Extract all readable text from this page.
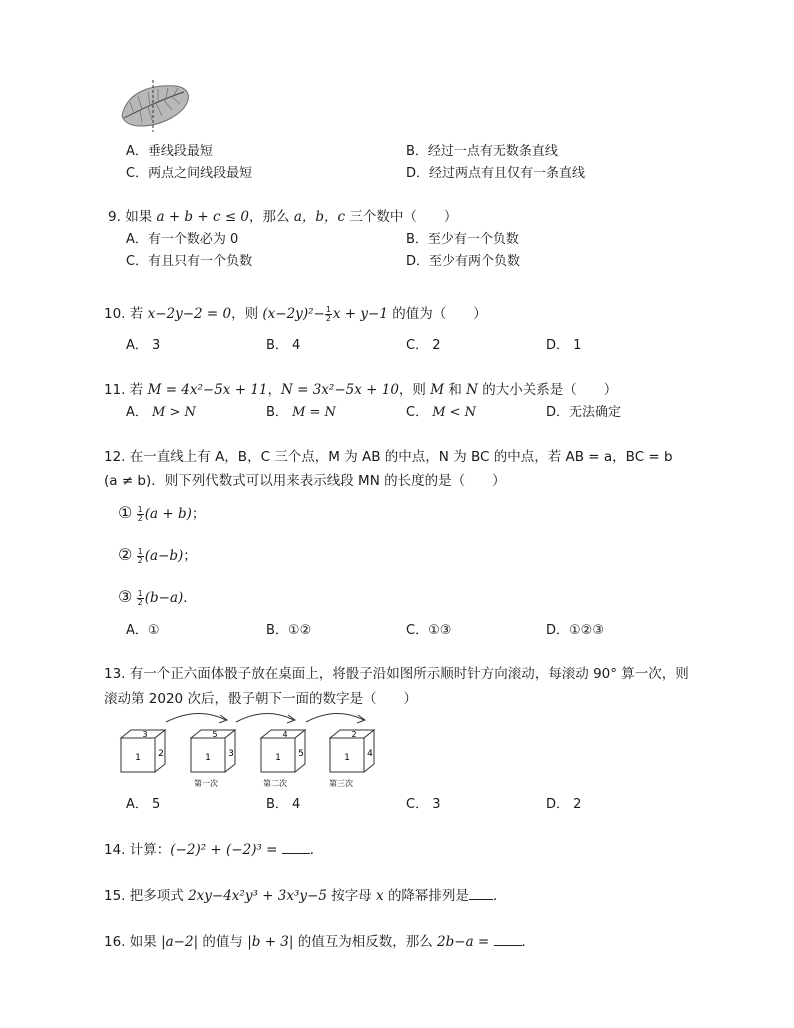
A．垂线段最短	B．经过一点有无数条直线
C．两点之间线段最短	D．经过两点有且仅有一条直线
9. 如果 a + b + c ≤ 0，那么 a，b，c 三个数中（　　）
A．有一个数必为 0	B．至少有一个负数
C．有且只有一个负数	D．至少有两个负数
10. 若 x−2y−2 = 0，则 $(x-2y)^2- \frac{1}{2}$ x + y−1 的值为（　　）
A． 3	B． 4	C． 2	D． 1
11. 若 M = 4x²−5x + 11，N = 3x²−5x + 10，则 M 和 N 的大小关系是（　　）
A． M > N	B． M = N	C． M < N	D．无法确定
12. 在一直线上有 A，B，C 三个点，M 为 AB 的中点，N 为 BC 的中点，若 AB = a，BC = b
(a ≠ b)．则下列代数式可以用来表示线段 MN 的长度的是（　　）
① $\frac{1}{2} (a + b)$；
② $\frac{1}{2} (a-b)$；
③ $\frac{1}{2} (b-a)$．
A．①	B．①②	C．①③	D．①②③
13. 有一个正六面体骰子放在桌面上，将骰子沿如图所示顺时针方向滚动，每滚动 90° 算一次，则
滚动第 2020 次后，骰子朝下一面的数字是（　　）
3
1 2
5
1 3
4
1 5
2
1 4
第一次	第二次	第三次
A． 5	B． 4	C． 3	D． 2
14. 计算：(−2)² + (−2)³ = ．
15. 把多项式 2xy−4x²y³ + 3x³y−5 按字母 x 的降幂排列是 ．
16. 如果 |a−2| 的值与 |b + 3| 的值互为相反数，那么 2b−a = ．
